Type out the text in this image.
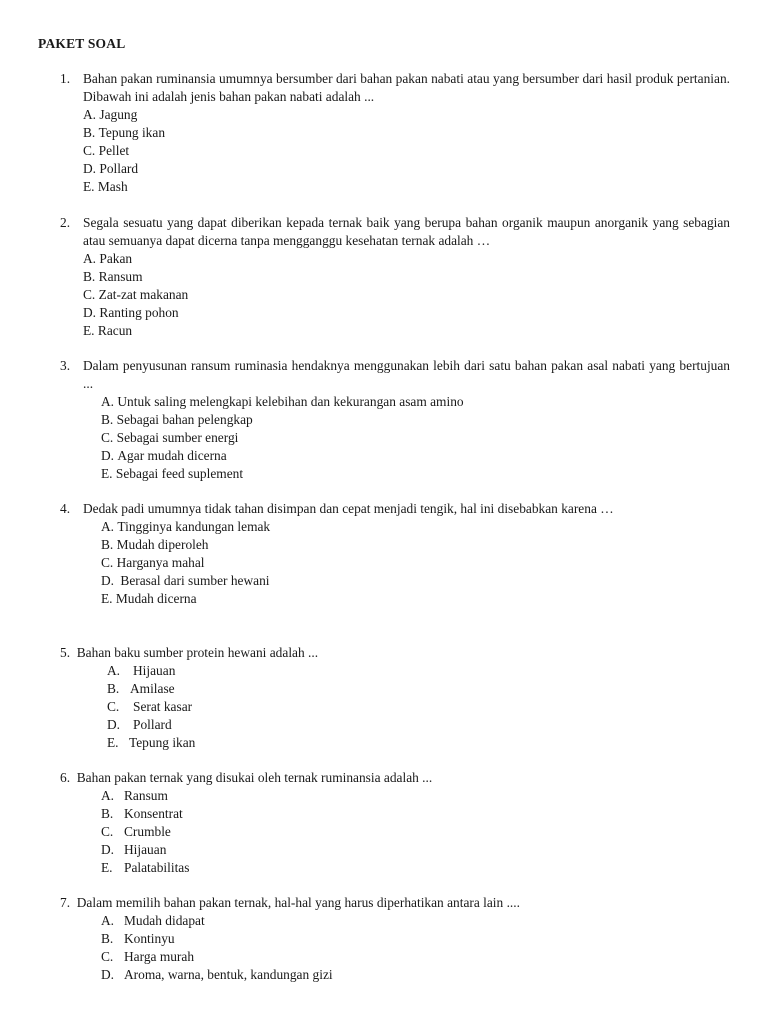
PAKET SOAL
1. Bahan pakan ruminansia umumnya bersumber dari bahan pakan nabati atau yang bersumber dari hasil produk pertanian. Dibawah ini adalah jenis bahan pakan nabati adalah ...
A. Jagung
B. Tepung ikan
C. Pellet
D. Pollard
E. Mash
2. Segala sesuatu yang dapat diberikan kepada ternak baik yang berupa bahan organik maupun anorganik yang sebagian atau semuanya dapat dicerna tanpa mengganggu kesehatan ternak adalah …
A. Pakan
B. Ransum
C. Zat-zat makanan
D. Ranting pohon
E. Racun
3. Dalam penyusunan ransum ruminasia hendaknya menggunakan lebih dari satu bahan pakan asal nabati yang bertujuan ...
A. Untuk saling melengkapi kelebihan dan kekurangan asam amino
B. Sebagai bahan pelengkap
C. Sebagai sumber energi
D. Agar mudah dicerna
E. Sebagai feed suplement
4. Dedak padi umumnya tidak tahan disimpan dan cepat menjadi tengik, hal ini disebabkan karena …
A. Tingginya kandungan lemak
B. Mudah diperoleh
C. Harganya mahal
D. Berasal dari sumber hewani
E. Mudah dicerna
5. Bahan baku sumber protein hewani adalah ...
A. Hijauan
B. Amilase
C. Serat kasar
D. Pollard
E. Tepung ikan
6. Bahan pakan ternak yang disukai oleh ternak ruminansia adalah ...
A. Ransum
B. Konsentrat
C. Crumble
D. Hijauan
E. Palatabilitas
7. Dalam memilih bahan pakan ternak, hal-hal yang harus diperhatikan antara lain ....
A. Mudah didapat
B. Kontinyu
C. Harga murah
D. Aroma, warna, bentuk, kandungan gizi
